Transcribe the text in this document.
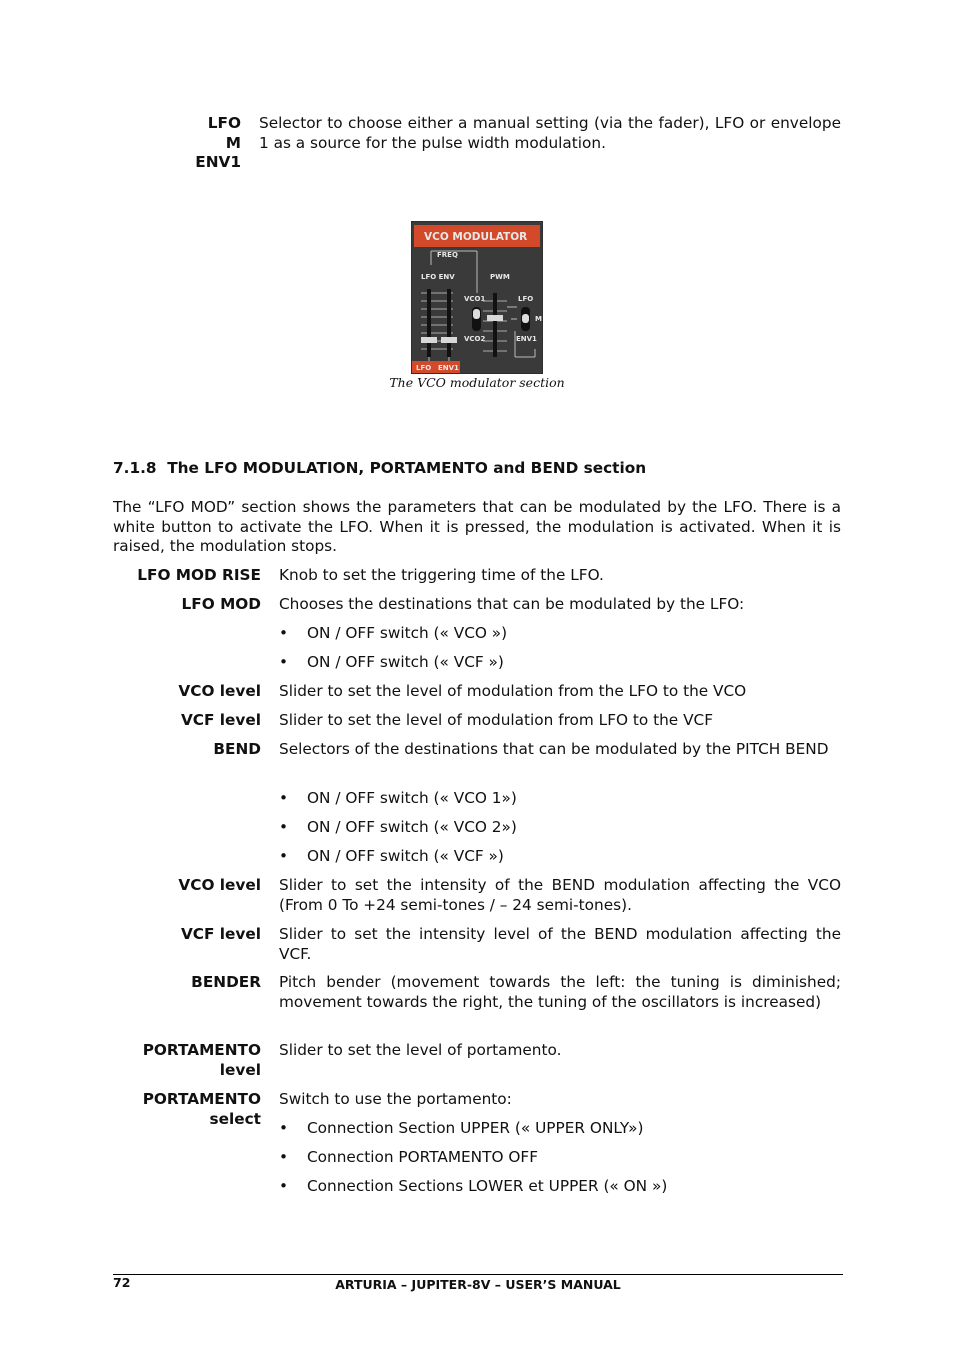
LFO
M
ENV1
Selector to choose either a manual setting (via the fader), LFO or envelope 1 as a source for the pulse width modulation.
VCO MODULATOR
FREQ
LFO ENV	PWM
VCO1
VCO2
LFO
M
ENV1
LFO ENV1
The VCO modulator section
7.1.8  The LFO MODULATION, PORTAMENTO and BEND section
The “LFO MOD” section shows the parameters that can be modulated by the LFO. There is a white button to activate the LFO. When it is pressed, the modulation is activated. When it is raised, the modulation stops.
LFO MOD RISE Knob to set the triggering time of the LFO.
LFO MOD Chooses the destinations that can be modulated by the LFO:
• ON / OFF switch (« VCO »)
• ON / OFF switch (« VCF »)
VCO level Slider to set the level of modulation from the LFO to the VCO
VCF level Slider to set the level of modulation from LFO to the VCF
BEND Selectors of the destinations that can be modulated by the PITCH BEND
• ON / OFF switch (« VCO 1»)
• ON / OFF switch (« VCO 2»)
• ON / OFF switch (« VCF »)
VCO level Slider to set the intensity of the BEND modulation affecting the VCO (From 0 To +24 semi-tones / – 24 semi-tones).
VCF level Slider to set the intensity level of the BEND modulation affecting the VCF.
BENDER Pitch bender (movement towards the left: the tuning is diminished; movement towards the right, the tuning of the oscillators is increased)
PORTAMENTO
level
Slider to set the level of portamento.
PORTAMENTO
select
Switch to use the portamento:
• Connection Section UPPER (« UPPER ONLY»)
• Connection PORTAMENTO OFF
• Connection Sections LOWER et UPPER (« ON »)
72	ARTURIA – JUPITER-8V – USER’S MANUAL
